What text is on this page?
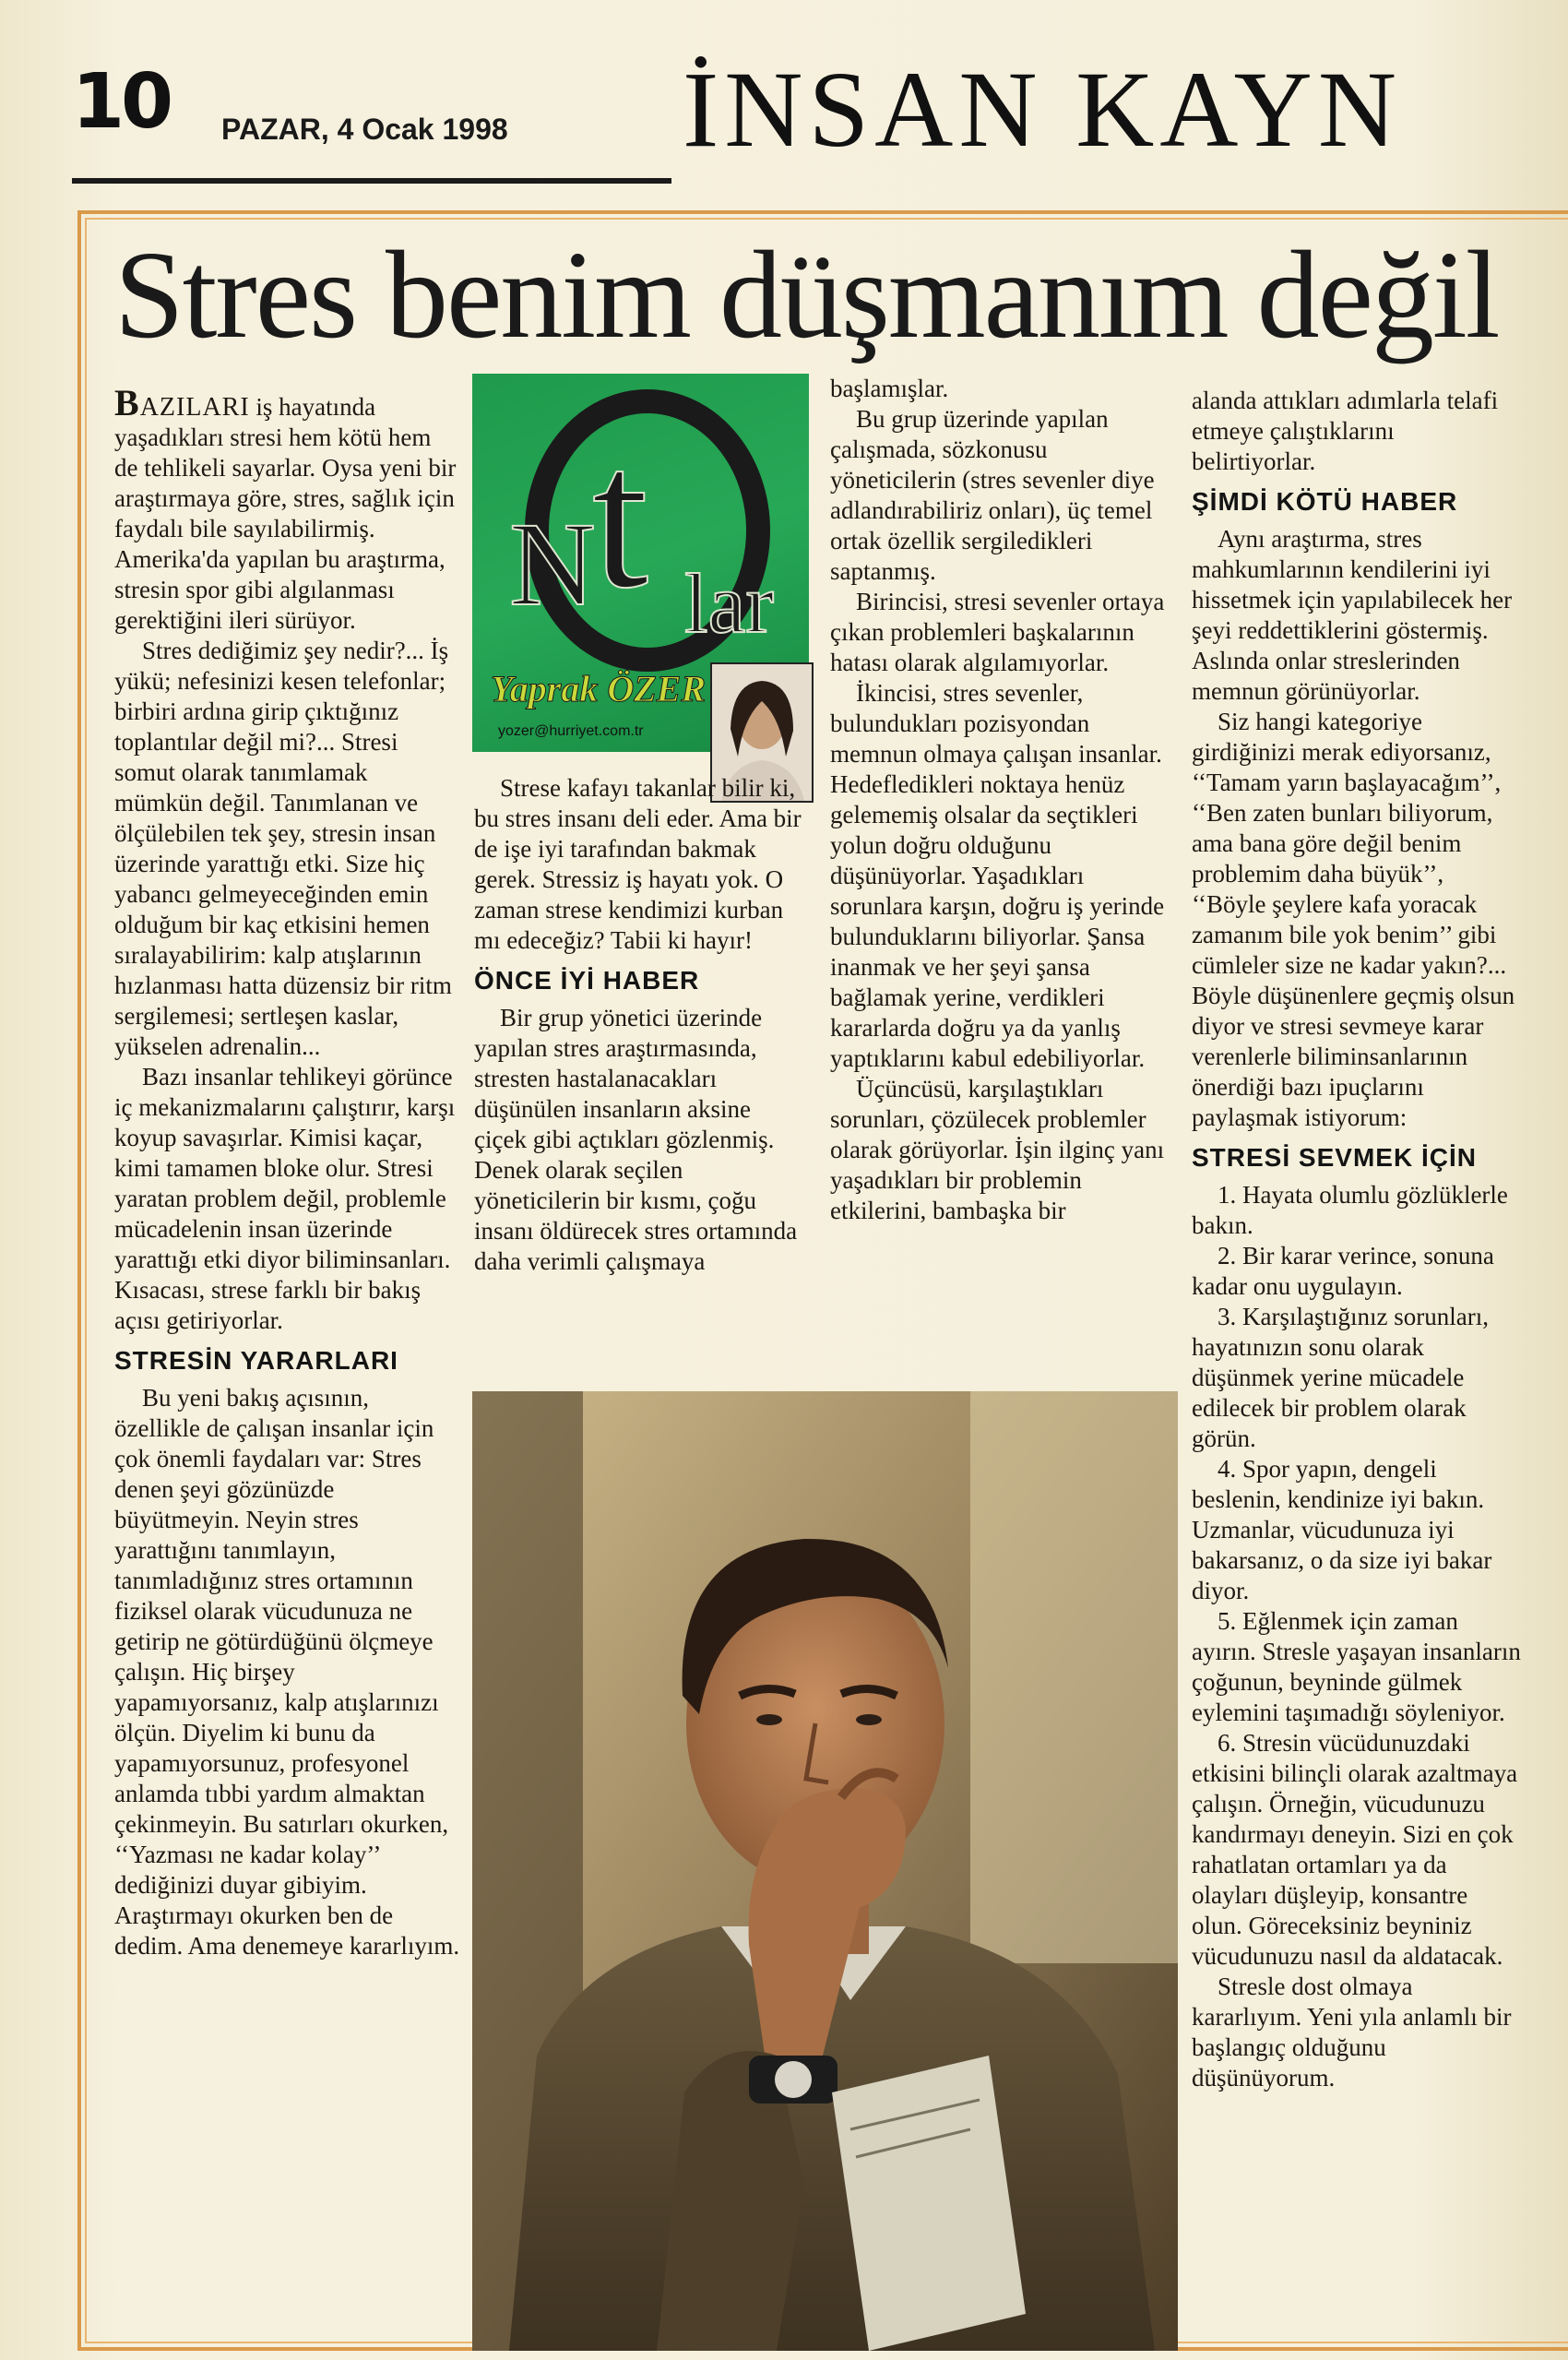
10 PAZAR, 4 Ocak 1998 İNSAN KAYN
Stres benim düşmanım değil

BAZILARI iş hayatında yaşadıkları stresi hem kötü hem de tehlikeli sayarlar. Oysa yeni bir araştırmaya göre, stres, sağlık için faydalı bile sayılabilirmiş. Amerika'da yapılan bu araştırma, stresin spor gibi algılanması gerektiğini ileri sürüyor.

Stres dediğimiz şey nedir?... İş yükü; nefesinizi kesen telefonlar; birbiri ardına girip çıktığınız toplantılar değil mi?... Stresi somut olarak tanımlamak mümkün değil. Tanımlanan ve ölçülebilen tek şey, stresin insan üzerinde yarattığı etki. Size hiç yabancı gelmeyeceğinden emin olduğum bir kaç etkisini hemen sıralayabilirim: kalp atışlarının hızlanması hatta düzensiz bir ritm sergilemesi; sertleşen kaslar, yükselen adrenalin...

Bazı insanlar tehlikeyi görünce iç mekanizmalarını çalıştırır, karşı koyup savaşırlar. Kimisi kaçar, kimi tamamen bloke olur. Stresi yaratan problem değil, problemle mücadelenin insan üzerinde yarattığı etki diyor biliminsanları. Kısacası, strese farklı bir bakış açısı getiriyorlar.

STRESİN YARARLARI

Bu yeni bakış açısının, özellikle de çalışan insanlar için çok önemli faydaları var: Stres denen şeyi gözünüzde büyütmeyin. Neyin stres yarattığını tanımlayın, tanımladığınız stres ortamının fiziksel olarak vücudunuza ne getirip ne götürdüğünü ölçmeye çalışın. Hiç birşey yapamıyorsanız, kalp atışlarınızı ölçün. Diyelim ki bunu da yapamıyorsunuz, profesyonel anlamda tıbbi yardım almaktan çekinmeyin. Bu satırları okurken, ‘‘Yazması ne kadar kolay’’ dediğinizi duyar gibiyim. Araştırmayı okurken ben de dedim. Ama denemeye kararlıyım.

N
t lar
Yaprak ÖZER
yozer@hurriyet.com.tr

Strese kafayı takanlar bilir ki, bu stres insanı deli eder. Ama bir de işe iyi tarafından bakmak gerek. Stressiz iş hayatı yok. O zaman strese kendimizi kurban mı edeceğiz? Tabii ki hayır!

ÖNCE İYİ HABER

Bir grup yönetici üzerinde yapılan stres araştırmasında, stresten hastalanacakları düşünülen insanların aksine çiçek gibi açtıkları gözlenmiş. Denek olarak seçilen yöneticilerin bir kısmı, çoğu insanı öldürecek stres ortamında daha verimli çalışmaya

başlamışlar.

Bu grup üzerinde yapılan çalışmada, sözkonusu yöneticilerin (stres sevenler diye adlandırabiliriz onları), üç temel ortak özellik sergiledikleri saptanmış.

Birincisi, stresi sevenler ortaya çıkan problemleri başkalarının hatası olarak algılamıyorlar.

İkincisi, stres sevenler, bulundukları pozisyondan memnun olmaya çalışan insanlar. Hedefledikleri noktaya henüz gelememiş olsalar da seçtikleri yolun doğru olduğunu düşünüyorlar. Yaşadıkları sorunlara karşın, doğru iş yerinde bulunduklarını biliyorlar. Şansa inanmak ve her şeyi şansa bağlamak yerine, verdikleri kararlarda doğru ya da yanlış yaptıklarını kabul edebiliyorlar.

Üçüncüsü, karşılaştıkları sorunları, çözülecek problemler olarak görüyorlar. İşin ilginç yanı yaşadıkları bir problemin etkilerini, bambaşka bir

alanda attıkları adımlarla telafi etmeye çalıştıklarını belirtiyorlar.

ŞİMDİ KÖTÜ HABER

Aynı araştırma, stres mahkumlarının kendilerini iyi hissetmek için yapılabilecek her şeyi reddettiklerini göstermiş. Aslında onlar streslerinden memnun görünüyorlar.

Siz hangi kategoriye girdiğinizi merak ediyorsanız, ‘‘Tamam yarın başlayacağım’’, ‘‘Ben zaten bunları biliyorum, ama bana göre değil benim problemim daha büyük’’, ‘‘Böyle şeylere kafa yoracak zamanım bile yok benim’’ gibi cümleler size ne kadar yakın?... Böyle düşünenlere geçmiş olsun diyor ve stresi sevmeye karar verenlerle biliminsanlarının önerdiği bazı ipuçlarını paylaşmak istiyorum:

STRESİ SEVMEK İÇİN

1. Hayata olumlu gözlüklerle bakın.

2. Bir karar verince, sonuna kadar onu uygulayın.

3. Karşılaştığınız sorunları, hayatınızın sonu olarak düşünmek yerine mücadele edilecek bir problem olarak görün.

4. Spor yapın, dengeli beslenin, kendinize iyi bakın. Uzmanlar, vücudunuza iyi bakarsanız, o da size iyi bakar diyor.

5. Eğlenmek için zaman ayırın. Stresle yaşayan insanların çoğunun, beyninde gülmek eylemini taşımadığı söyleniyor.

6. Stresin vücüdunuzdaki etkisini bilinçli olarak azaltmaya çalışın. Örneğin, vücudunuzu kandırmayı deneyin. Sizi en çok rahatlatan ortamları ya da olayları düşleyip, konsantre olun. Göreceksiniz beyniniz vücudunuzu nasıl da aldatacak.

Stresle dost olmaya kararlıyım. Yeni yıla anlamlı bir başlangıç olduğunu düşünüyorum.
